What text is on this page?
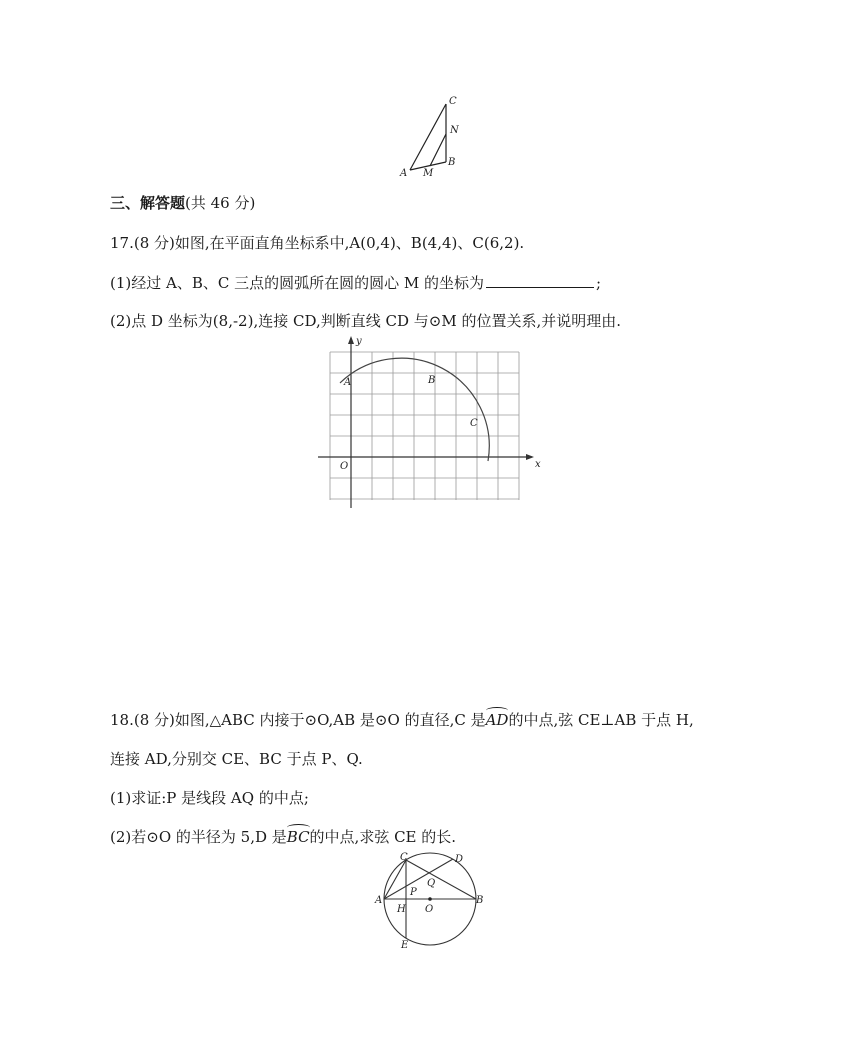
C
N
B
A M
三、解答题(共 46 分)
17.(8 分)如图,在平面直角坐标系中,A(0,4)、B(4,4)、C(6,2).
(1)经过 A、B、C 三点的圆弧所在圆的圆心 M 的坐标为	;
(2)点 D 坐标为(8,-2),连接 CD,判断直线 CD 与⊙M 的位置关系,并说明理由.
y
x
O
A	B
C
18.(8 分)如图,△ABC 内接于⊙O,AB 是⊙O 的直径,C 是AD的中点,弦 CE⊥AB 于点 H,
连接 AD,分别交 CE、BC 于点 P、Q.
(1)求证:P 是线段 AQ 的中点;
(2)若⊙O 的半径为 5,D 是BC的中点,求弦 CE 的长.
C	D
Q
P
A
H O
B
E
